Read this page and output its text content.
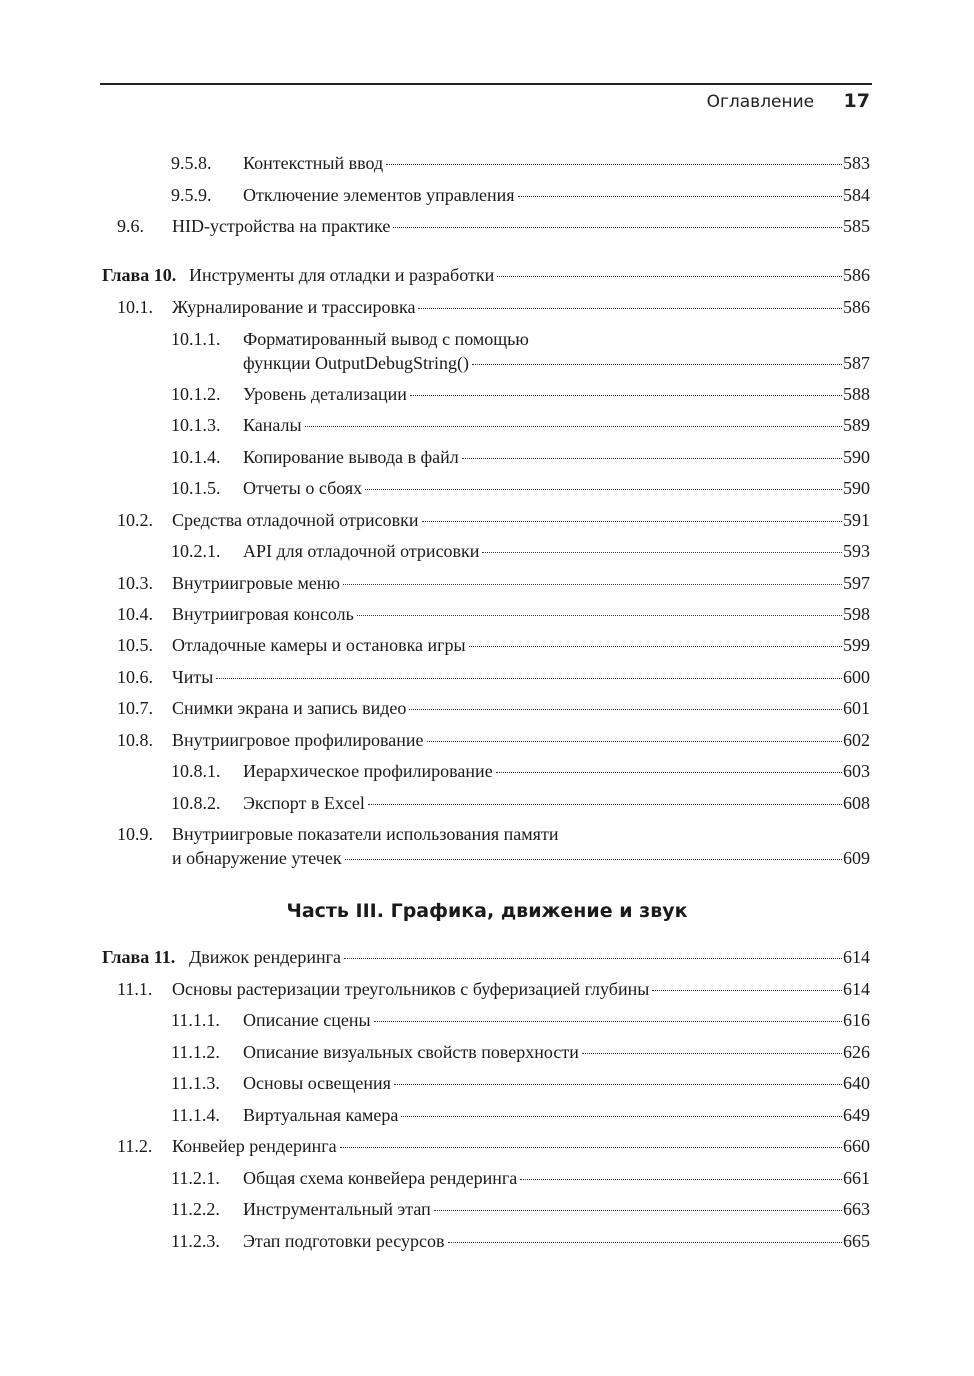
Оглавление 17
9.5.8. Контекстный ввод	583
9.5.9. Отключение элементов управления	584
9.6. HID-устройства на практике	585
Глава 10. Инструменты для отладки и разработки	586
10.1. Журналирование и трассировка	586
10.1.1. Форматированный вывод с помощью
функции OutputDebugString()	587
10.1.2. Уровень детализации	588
10.1.3. Каналы	589
10.1.4. Копирование вывода в файл	590
10.1.5. Отчеты о сбоях	590
10.2. Средства отладочной отрисовки	591
10.2.1. API для отладочной отрисовки	593
10.3. Внутриигровые меню	597
10.4. Внутриигровая консоль	598
10.5. Отладочные камеры и остановка игры	599
10.6. Читы	600
10.7. Снимки экрана и запись видео	601
10.8. Внутриигровое профилирование	602
10.8.1. Иерархическое профилирование	603
10.8.2. Экспорт в Excel	608
10.9. Внутриигровые показатели использования памяти
и обнаружение утечек	609
Часть III. Графика, движение и звук
Глава 11. Движок рендеринга	614
11.1. Основы растеризации треугольников с буферизацией глубины	614
11.1.1. Описание сцены	616
11.1.2. Описание визуальных свойств поверхности	626
11.1.3. Основы освещения	640
11.1.4. Виртуальная камера	649
11.2. Конвейер рендеринга	660
11.2.1. Общая схема конвейера рендеринга	661
11.2.2. Инструментальный этап	663
11.2.3. Этап подготовки ресурсов	665
